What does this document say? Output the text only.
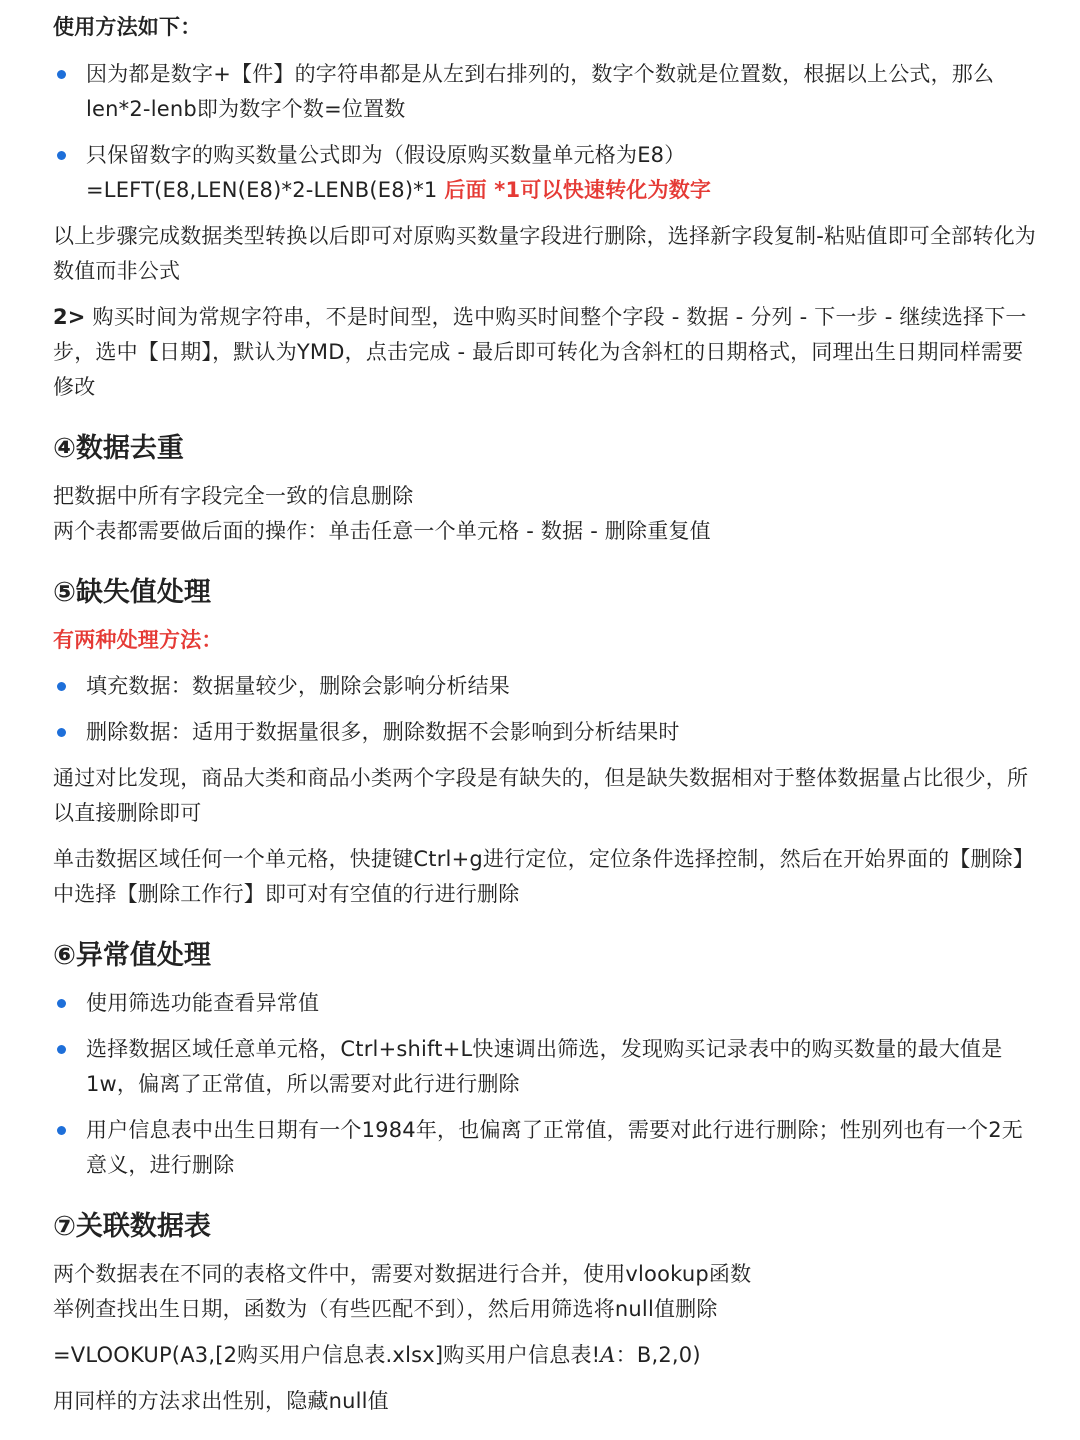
使用方法如下：
因为都是数字+【件】的字符串都是从左到右排列的，数字个数就是位置数，根据以上公式，那么len*2-lenb即为数字个数=位置数
只保留数字的购买数量公式即为（假设原购买数量单元格为E8）
=LEFT(E8,LEN(E8)*2-LENB(E8)*1 后面 *1可以快速转化为数字
以上步骤完成数据类型转换以后即可对原购买数量字段进行删除，选择新字段复制-粘贴值即可全部转化为数值而非公式
2> 购买时间为常规字符串，不是时间型，选中购买时间整个字段 - 数据 - 分列 - 下一步 - 继续选择下一步，选中【日期】，默认为YMD，点击完成 - 最后即可转化为含斜杠的日期格式，同理出生日期同样需要修改
④数据去重
把数据中所有字段完全一致的信息删除
两个表都需要做后面的操作：单击任意一个单元格 - 数据 - 删除重复值
⑤缺失值处理
有两种处理方法：
填充数据：数据量较少，删除会影响分析结果
删除数据：适用于数据量很多，删除数据不会影响到分析结果时
通过对比发现，商品大类和商品小类两个字段是有缺失的，但是缺失数据相对于整体数据量占比很少，所以直接删除即可
单击数据区域任何一个单元格，快捷键Ctrl+g进行定位，定位条件选择控制，然后在开始界面的【删除】中选择【删除工作行】即可对有空值的行进行删除
⑥异常值处理
使用筛选功能查看异常值
选择数据区域任意单元格，Ctrl+shift+L快速调出筛选，发现购买记录表中的购买数量的最大值是1w，偏离了正常值，所以需要对此行进行删除
用户信息表中出生日期有一个1984年，也偏离了正常值，需要对此行进行删除；性别列也有一个2无意义，进行删除
⑦关联数据表
两个数据表在不同的表格文件中，需要对数据进行合并，使用vlookup函数
举例查找出生日期，函数为（有些匹配不到），然后用筛选将null值删除
=VLOOKUP(A3,[2购买用户信息表.xlsx]购买用户信息表!A：B,2,0)
用同样的方法求出性别，隐藏null值
